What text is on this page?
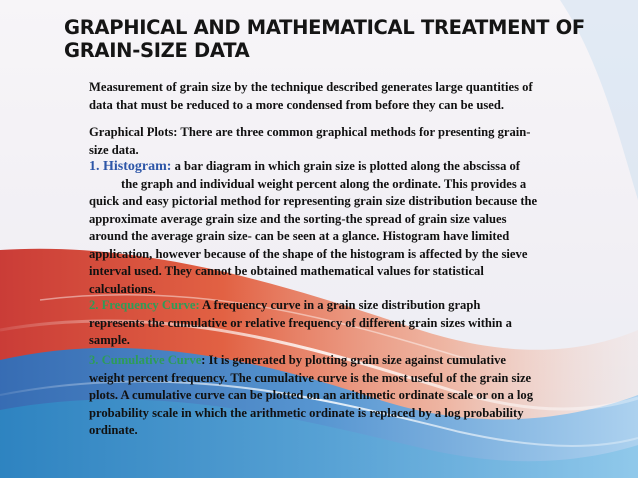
GRAPHICAL AND MATHEMATICAL TREATMENT OF
GRAIN-SIZE DATA
Measurement of grain size by the technique described generates large quantities of
data that must be reduced to a more condensed from before they can be used.
Graphical Plots: There are three common graphical methods for presenting grain-
size data.
1. Histogram: a bar diagram in which grain size is plotted along the abscissa of
the graph and individual weight percent along the ordinate. This provides a
quick and easy pictorial method for representing grain size distribution because the
approximate average grain size and the sorting-the spread of grain size values
around the average grain size- can be seen at a glance. Histogram have limited
application, however because of the shape of the histogram is affected by the sieve
interval used. They cannot be obtained mathematical values for statistical
calculations.
2. Frequency Curve: A frequency curve in a grain size distribution graph
represents the cumulative or relative frequency of different grain sizes within a
sample.
3. Cumulative Curve: It is generated by plotting grain size against cumulative
weight percent frequency. The cumulative curve is the most useful of the grain size
plots. A cumulative curve can be plotted on an arithmetic ordinate scale or on a log
probability scale in which the arithmetic ordinate is replaced by a log probability
ordinate.
